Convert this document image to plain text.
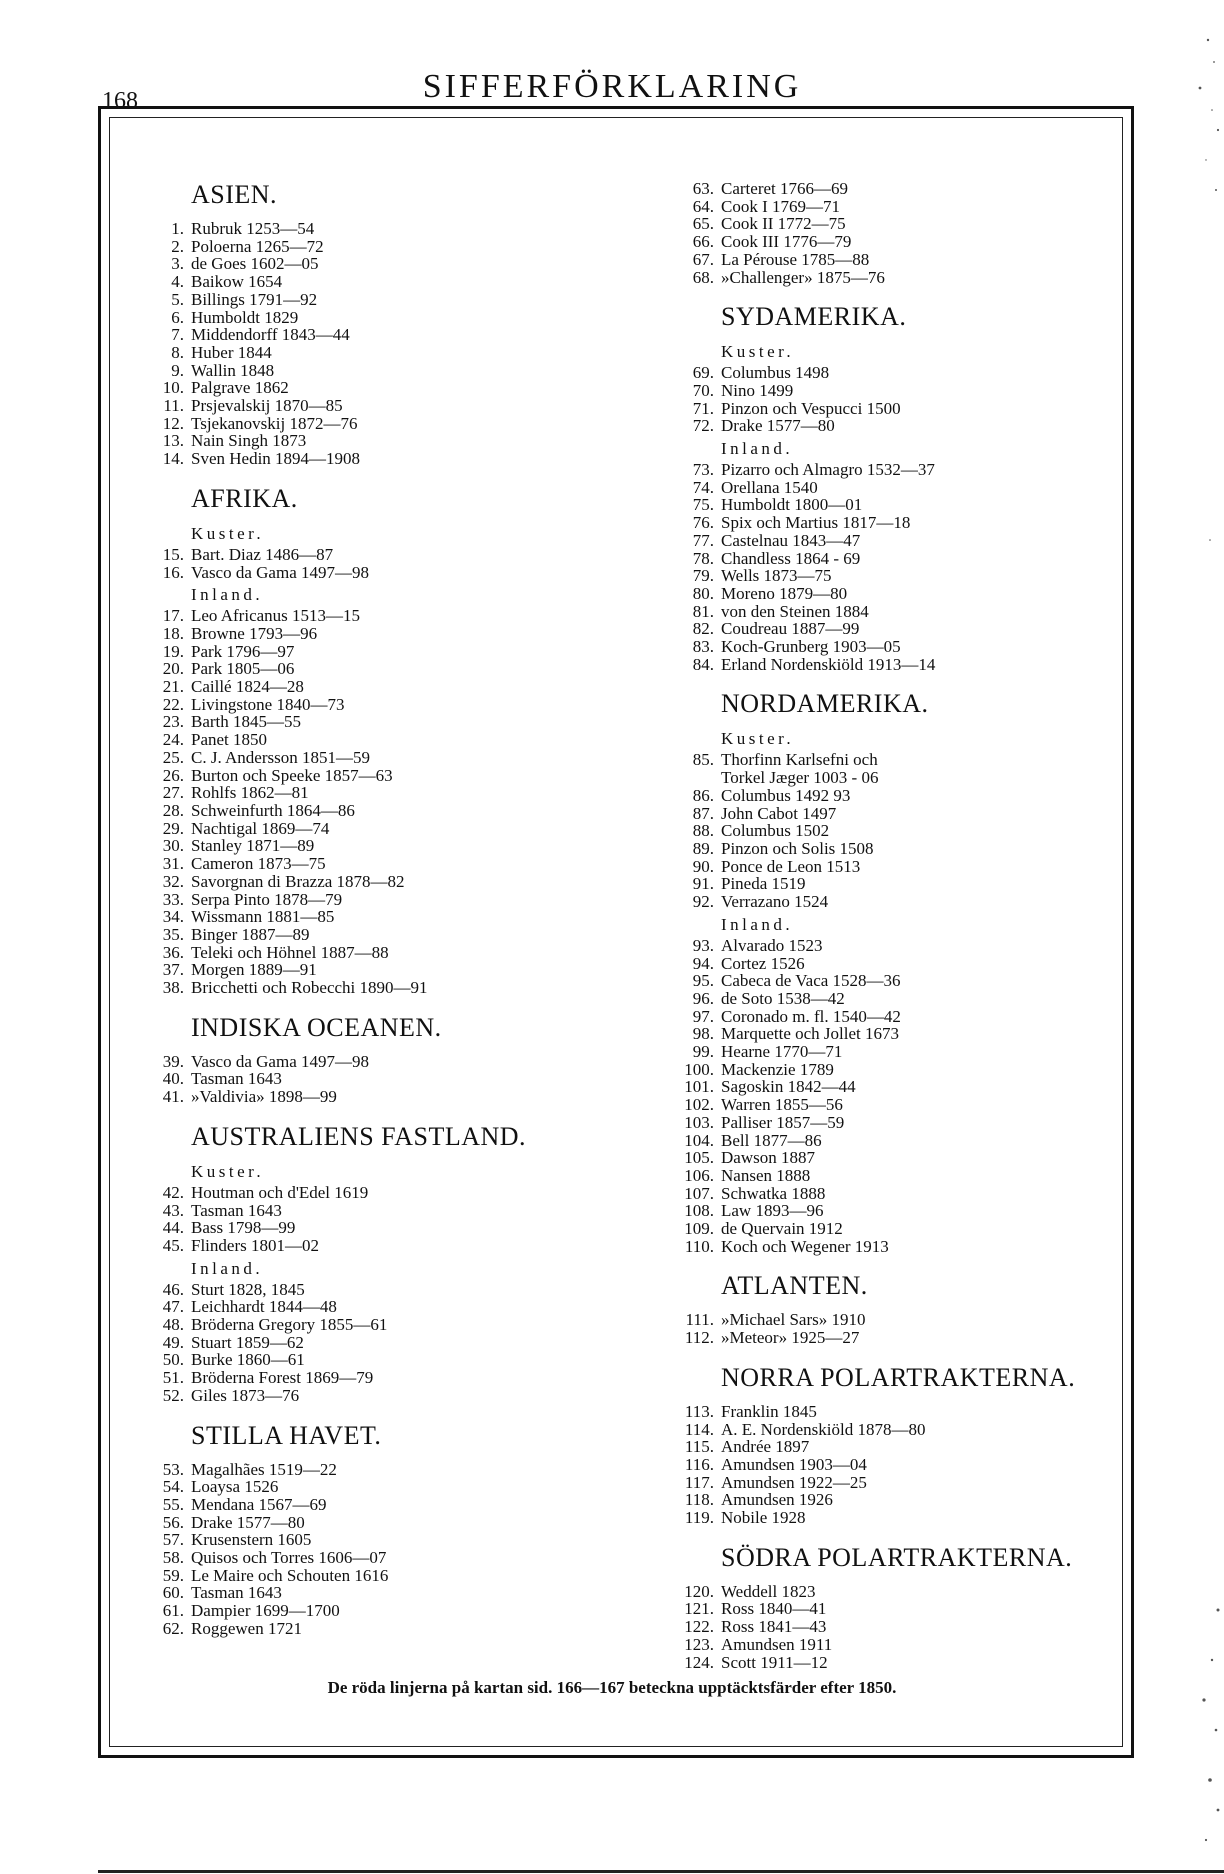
168	SIFFERFÖRKLARING
ASIEN.
1. Rubruk 1253—54
2. Poloerna 1265—72
3. de Goes 1602—05
4. Baikow 1654
5. Billings 1791—92
6. Humboldt 1829
7. Middendorff 1843—44
8. Huber 1844
9. Wallin 1848
10. Palgrave 1862
11. Prsjevalskij 1870—85
12. Tsjekanovskij 1872—76
13. Nain Singh 1873
14. Sven Hedin 1894—1908
AFRIKA.
Kuster.
15. Bart. Diaz 1486—87
16. Vasco da Gama 1497—98
Inland.
17. Leo Africanus 1513—15
18. Browne 1793—96
19. Park 1796—97
20. Park 1805—06
21. Caillé 1824—28
22. Livingstone 1840—73
23. Barth 1845—55
24. Panet 1850
25. C. J. Andersson 1851—59
26. Burton och Speeke 1857—63
27. Rohlfs 1862—81
28. Schweinfurth 1864—86
29. Nachtigal 1869—74
30. Stanley 1871—89
31. Cameron 1873—75
32. Savorgnan di Brazza 1878—82
33. Serpa Pinto 1878—79
34. Wissmann 1881—85
35. Binger 1887—89
36. Teleki och Höhnel 1887—88
37. Morgen 1889—91
38. Bricchetti och Robecchi 1890—91
INDISKA OCEANEN.
39. Vasco da Gama 1497—98
40. Tasman 1643
41. »Valdivia» 1898—99
AUSTRALIENS FASTLAND.
Kuster.
42. Houtman och d'Edel 1619
43. Tasman 1643
44. Bass 1798—99
45. Flinders 1801—02
Inland.
46. Sturt 1828, 1845
47. Leichhardt 1844—48
48. Bröderna Gregory 1855—61
49. Stuart 1859—62
50. Burke 1860—61
51. Bröderna Forest 1869—79
52. Giles 1873—76
STILLA HAVET.
53. Magalhães 1519—22
54. Loaysa 1526
55. Mendana 1567—69
56. Drake 1577—80
57. Krusenstern 1605
58. Quisos och Torres 1606—07
59. Le Maire och Schouten 1616
60. Tasman 1643
61. Dampier 1699—1700
62. Roggewen 1721
63. Carteret 1766—69
64. Cook I 1769—71
65. Cook II 1772—75
66. Cook III 1776—79
67. La Pérouse 1785—88
68. »Challenger» 1875—76
SYDAMERIKA.
Kuster.
69. Columbus 1498
70. Nino 1499
71. Pinzon och Vespucci 1500
72. Drake 1577—80
Inland.
73. Pizarro och Almagro 1532—37
74. Orellana 1540
75. Humboldt 1800—01
76. Spix och Martius 1817—18
77. Castelnau 1843—47
78. Chandless 1864 - 69
79. Wells 1873—75
80. Moreno 1879—80
81. von den Steinen 1884
82. Coudreau 1887—99
83. Koch-Grunberg 1903—05
84. Erland Nordenskiöld 1913—14
NORDAMERIKA.
Kuster.
85. Thorfinn Karlsefni och
Torkel Jæger 1003 - 06
86. Columbus 1492 93
87. John Cabot 1497
88. Columbus 1502
89. Pinzon och Solis 1508
90. Ponce de Leon 1513
91. Pineda 1519
92. Verrazano 1524
Inland.
93. Alvarado 1523
94. Cortez 1526
95. Cabeca de Vaca 1528—36
96. de Soto 1538—42
97. Coronado m. fl. 1540—42
98. Marquette och Jollet 1673
99. Hearne 1770—71
100. Mackenzie 1789
101. Sagoskin 1842—44
102. Warren 1855—56
103. Palliser 1857—59
104. Bell 1877—86
105. Dawson 1887
106. Nansen 1888
107. Schwatka 1888
108. Law 1893—96
109. de Quervain 1912
110. Koch och Wegener 1913
ATLANTEN.
111. »Michael Sars» 1910
112. »Meteor» 1925—27
NORRA POLARTRAKTERNA.
113. Franklin 1845
114. A. E. Nordenskiöld 1878—80
115. Andrée 1897
116. Amundsen 1903—04
117. Amundsen 1922—25
118. Amundsen 1926
119. Nobile 1928
SÖDRA POLARTRAKTERNA.
120. Weddell 1823
121. Ross 1840—41
122. Ross 1841—43
123. Amundsen 1911
124. Scott 1911—12
De röda linjerna på kartan sid. 166—167 beteckna upptäcktsfärder efter 1850.
